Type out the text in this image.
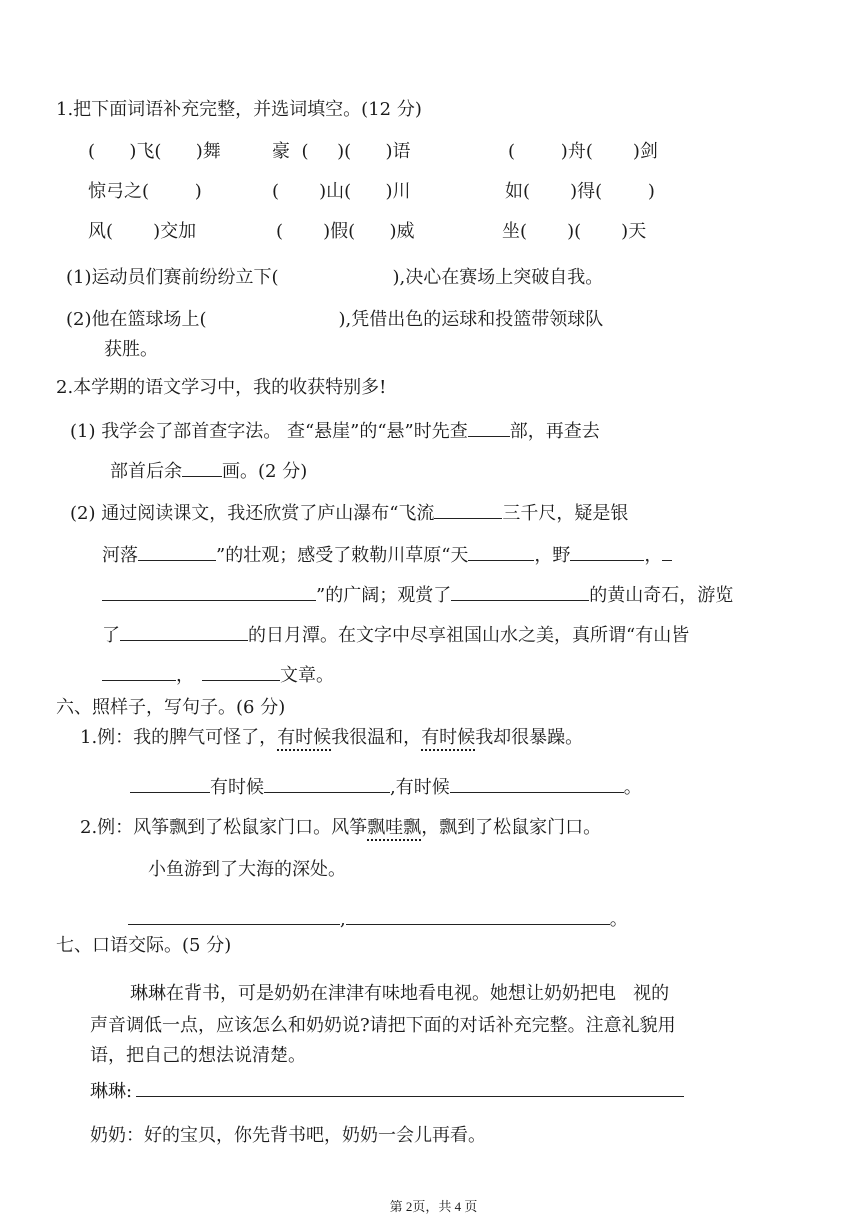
1.把下面词语补充完整，并选词填空。(12 分)
(      )飞(      )舞	豪  (     )(      )语	(        )舟(       )剑
惊弓之(        )	(       )山(      )川	如(       )得(        )
风(       )交加	(       )假(      )威	坐(       )(       )天
(1)运动员们赛前纷纷立下(	),决心在赛场上突破自我。
(2)他在篮球场上(	),凭借出色的运球和投篮带领球队
获胜。
2.本学期的语文学习中，我的收获特别多!
(1) 我学会了部首查字法。 查“悬崖”的“悬”时先查 部，再查去
部首后余 画。(2 分)
(2) 通过阅读课文，我还欣赏了庐山瀑布“飞流	三千尺，疑是银
河落	”的壮观；感受了敕勒川草原“天	，野	，
”的广阔；观赏了	的黄山奇石，游览
了	的日月潭。在文字中尽享祖国山水之美，真所谓“有山皆
，	文章。
六、照样子，写句子。(6 分)
1.例：我的脾气可怪了，有时候我很温和，有时候我却很暴躁。
有时候	,有时候	。
2.例：风筝飘到了松鼠家门口。风筝飘哇飘，飘到了松鼠家门口。
小鱼游到了大海的深处。
,	。
七、口语交际。(5 分)
琳琳在背书，可是奶奶在津津有味地看电视。她想让奶奶把电   视的
声音调低一点，应该怎么和奶奶说?请把下面的对话补充完整。注意礼貌用
语，把自己的想法说清楚。
琳琳:
奶奶：好的宝贝，你先背书吧，奶奶一会儿再看。
第 2页，共 4 页
